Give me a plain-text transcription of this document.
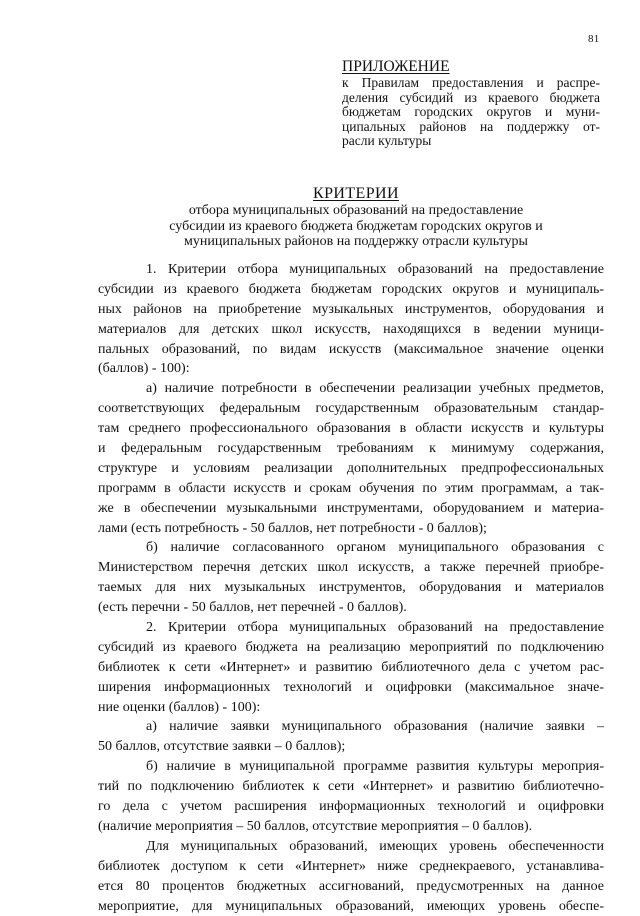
81
ПРИЛОЖЕНИЕ
к Правилам предоставления и распре-
деления субсидий из краевого бюджета
бюджетам городских округов и муни-
ципальных районов на поддержку от-
расли культуры
КРИТЕРИИ
отбора муниципальных образований на предоставление
субсидии из краевого бюджета бюджетам городских округов и
муниципальных районов на поддержку отрасли культуры
1. Критерии отбора муниципальных образований на предоставление
субсидии из краевого бюджета бюджетам городских округов и муниципаль-
ных районов на приобретение музыкальных инструментов, оборудования и
материалов для детских школ искусств, находящихся в ведении муници-
пальных образований, по видам искусств (максимальное значение оценки
(баллов) - 100):
а) наличие потребности в обеспечении реализации учебных предметов,
соответствующих федеральным государственным образовательным стандар-
там среднего профессионального образования в области искусств и культуры
и федеральным государственным требованиям к минимуму содержания,
структуре и условиям реализации дополнительных предпрофессиональных
программ в области искусств и срокам обучения по этим программам, а так-
же в обеспечении музыкальными инструментами, оборудованием и материа-
лами (есть потребность - 50 баллов, нет потребности - 0 баллов);
б) наличие согласованного органом муниципального образования с
Министерством перечня детских школ искусств, а также перечней приобре-
таемых для них музыкальных инструментов, оборудования и материалов
(есть перечни - 50 баллов, нет перечней - 0 баллов).
2. Критерии отбора муниципальных образований на предоставление
субсидий из краевого бюджета на реализацию мероприятий по подключению
библиотек к сети «Интернет» и развитию библиотечного дела с учетом рас-
ширения информационных технологий и оцифровки (максимальное значе-
ние оценки (баллов) - 100):
а) наличие заявки муниципального образования (наличие заявки –
50 баллов, отсутствие заявки – 0 баллов);
б) наличие в муниципальной программе развития культуры мероприя-
тий по подключению библиотек к сети «Интернет» и развитию библиотечно-
го дела с учетом расширения информационных технологий и оцифровки
(наличие мероприятия – 50 баллов, отсутствие мероприятия – 0 баллов).
Для муниципальных образований, имеющих уровень обеспеченности
библиотек доступом к сети «Интернет» ниже среднекраевого, устанавлива-
ется 80 процентов бюджетных ассигнований, предусмотренных на данное
мероприятие, для муниципальных образований, имеющих уровень обеспе-
